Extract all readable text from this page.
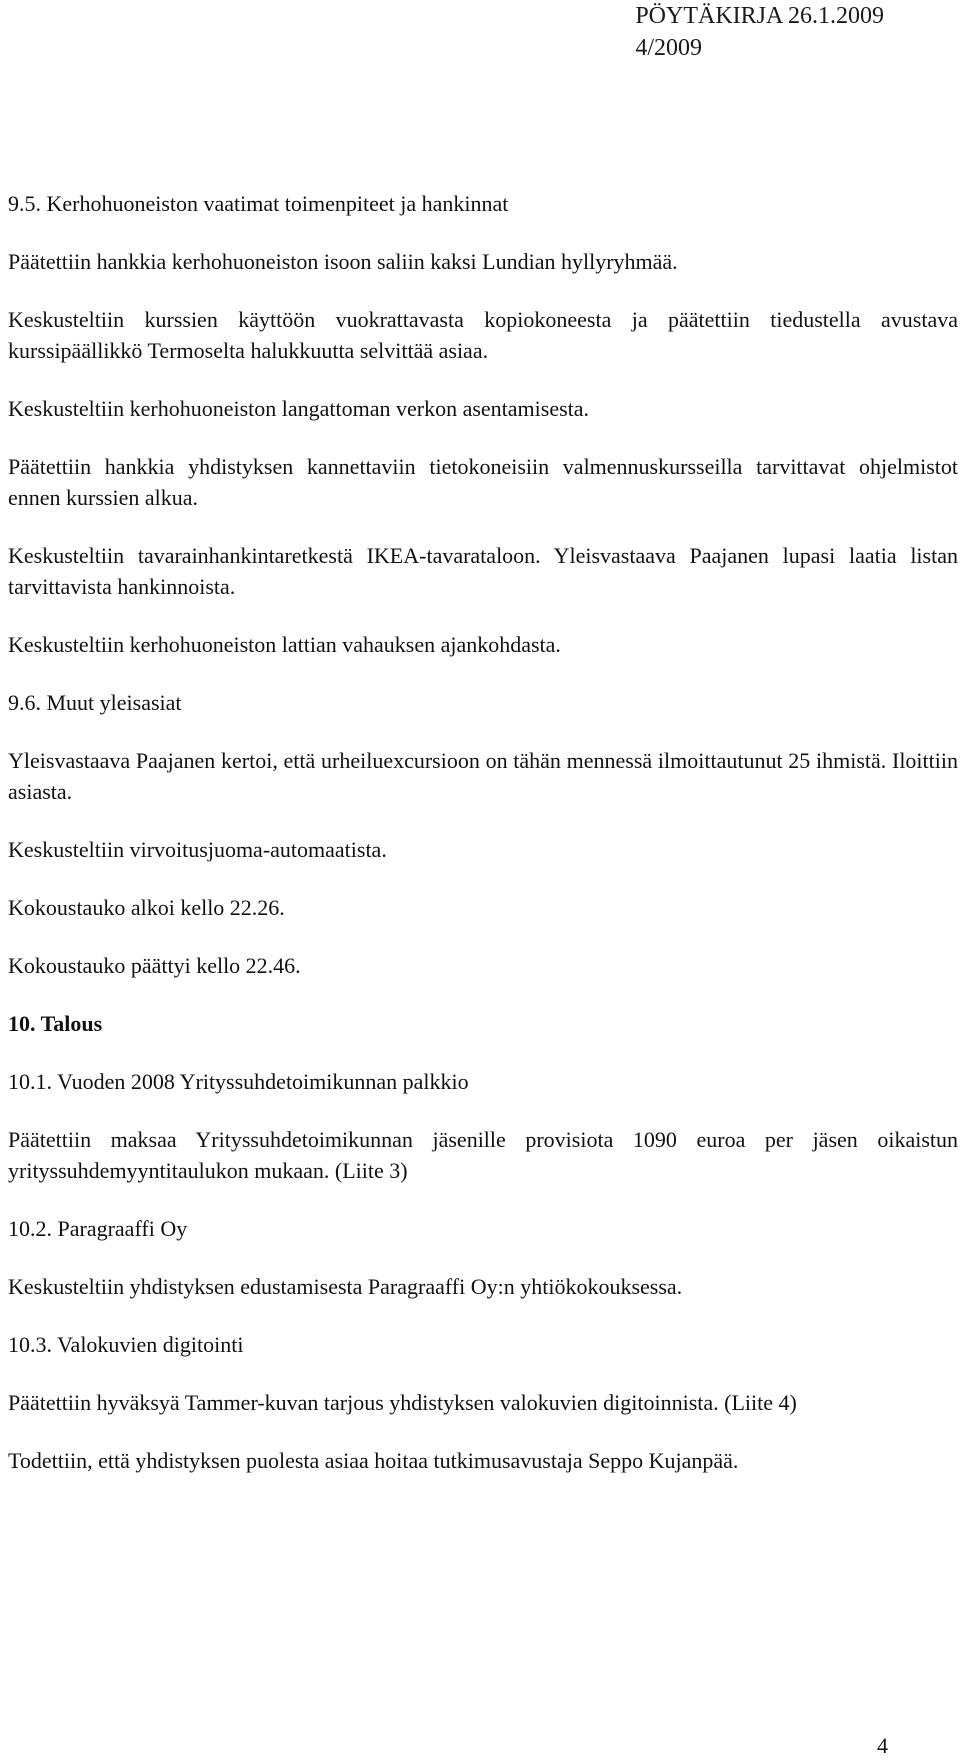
PÖYTÄKIRJA 26.1.2009
4/2009
9.5. Kerhohuoneiston vaatimat toimenpiteet ja hankinnat

Päätettiin hankkia kerhohuoneiston isoon saliin kaksi Lundian hyllyryhmää.

Keskusteltiin kurssien käyttöön vuokrattavasta kopiokoneesta ja päätettiin tiedustella avustava kurssipäällikkö Termoselta halukkuutta selvittää asiaa.

Keskusteltiin kerhohuoneiston langattoman verkon asentamisesta.

Päätettiin hankkia yhdistyksen kannettaviin tietokoneisiin valmennuskursseilla tarvittavat ohjelmistot ennen kurssien alkua.

Keskusteltiin tavarainhankintaretkestä IKEA-tavarataloon. Yleisvastaava Paajanen lupasi laatia listan tarvittavista hankinnoista.

Keskusteltiin kerhohuoneiston lattian vahauksen ajankohdasta.

9.6. Muut yleisasiat

Yleisvastaava Paajanen kertoi, että urheiluexcursioon on tähän mennessä ilmoittautunut 25 ihmistä. Iloittiin asiasta.

Keskusteltiin virvoitusjuoma-automaatista.

Kokoustauko alkoi kello 22.26.

Kokoustauko päättyi kello 22.46.

10. Talous
10.1. Vuoden 2008 Yrityssuhdetoimikunnan palkkio

Päätettiin maksaa Yrityssuhdetoimikunnan jäsenille provisiota 1090 euroa per jäsen oikaistun yrityssuhdemyyntitaulukon mukaan. (Liite 3)

10.2. Paragraaffi Oy

Keskusteltiin yhdistyksen edustamisesta Paragraaffi Oy:n yhtiökokouksessa.

10.3. Valokuvien digitointi

Päätettiin hyväksyä Tammer-kuvan tarjous yhdistyksen valokuvien digitoinnista. (Liite 4)

Todettiin, että yhdistyksen puolesta asiaa hoitaa tutkimusavustaja Seppo Kujanpää.

4
